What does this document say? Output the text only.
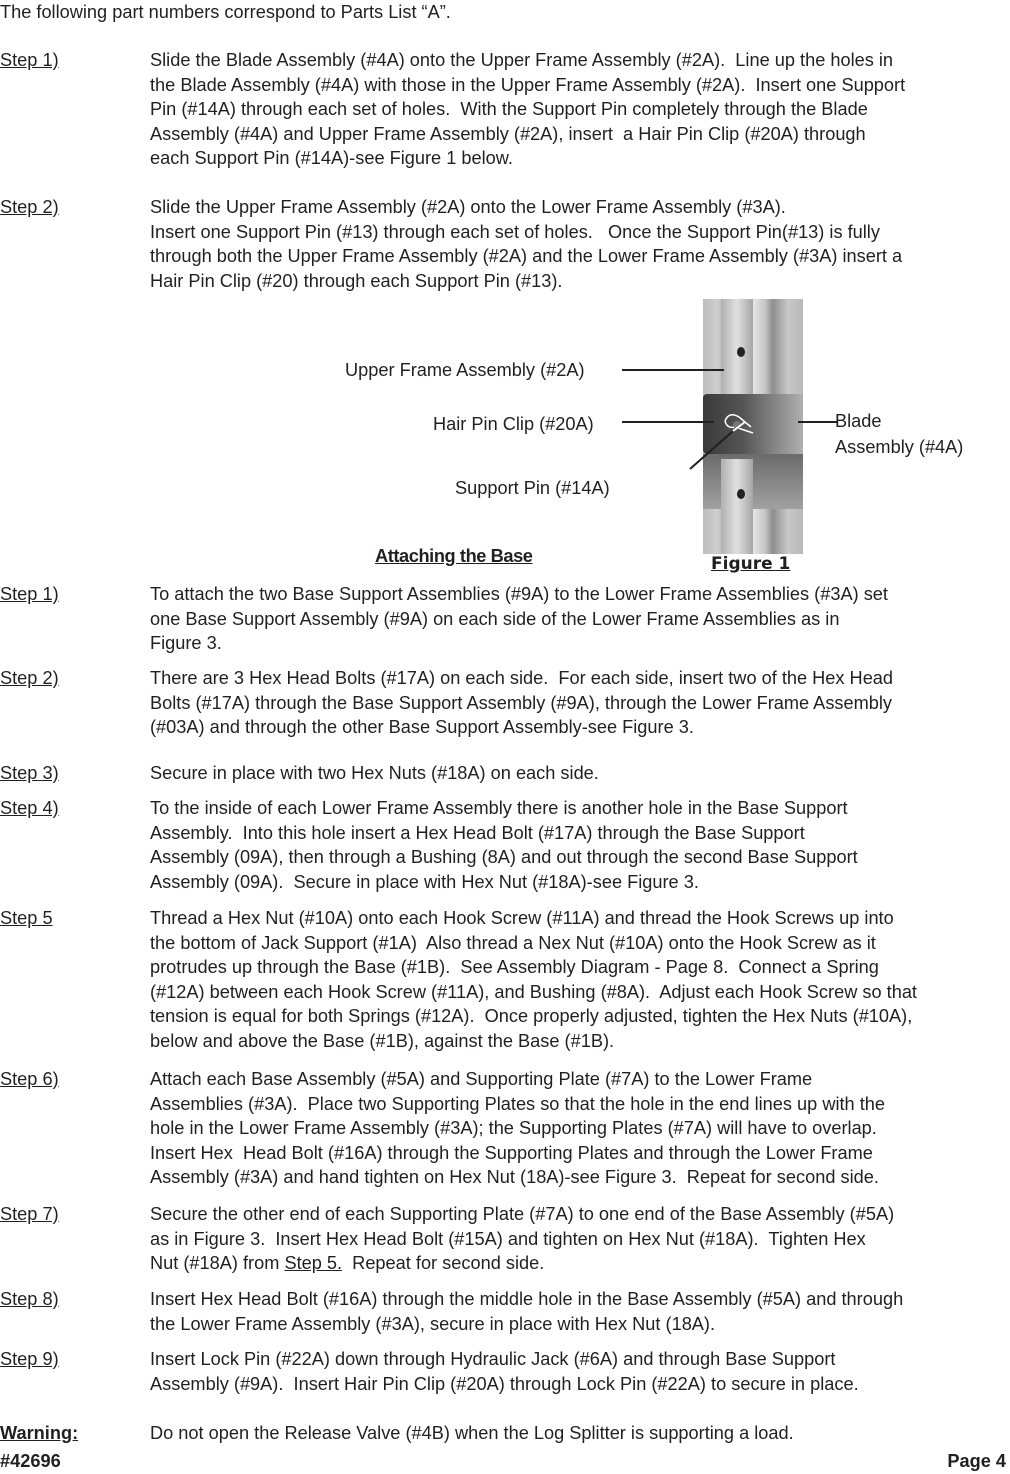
The following part numbers correspond to Parts List “A”.
Step 1)	Slide the Blade Assembly (#4A) onto the Upper Frame Assembly (#2A).  Line up the holes in
the Blade Assembly (#4A) with those in the Upper Frame Assembly (#2A).  Insert one Support
Pin (#14A) through each set of holes.  With the Support Pin completely through the Blade
Assembly (#4A) and Upper Frame Assembly (#2A), insert  a Hair Pin Clip (#20A) through
each Support Pin (#14A)-see Figure 1 below.
Step 2)	Slide the Upper Frame Assembly (#2A) onto the Lower Frame Assembly (#3A).
Insert one Support Pin (#13) through each set of holes.   Once the Support Pin(#13) is fully
through both the Upper Frame Assembly (#2A) and the Lower Frame Assembly (#3A) insert a
Hair Pin Clip (#20) through each Support Pin (#13).
Upper Frame Assembly (#2A)
Hair Pin Clip (#20A)
Support Pin (#14A)
Blade
Assembly (#4A)
Figure 1
Attaching the Base
Step 1)	To attach the two Base Support Assemblies (#9A) to the Lower Frame Assemblies (#3A) set
one Base Support Assembly (#9A) on each side of the Lower Frame Assemblies as in
Figure 3.
Step 2)	There are 3 Hex Head Bolts (#17A) on each side.  For each side, insert two of the Hex Head
Bolts (#17A) through the Base Support Assembly (#9A), through the Lower Frame Assembly
(#03A) and through the other Base Support Assembly-see Figure 3.
Step 3)	Secure in place with two Hex Nuts (#18A) on each side.
Step 4)	To the inside of each Lower Frame Assembly there is another hole in the Base Support
Assembly.  Into this hole insert a Hex Head Bolt (#17A) through the Base Support
Assembly (09A), then through a Bushing (8A) and out through the second Base Support
Assembly (09A).  Secure in place with Hex Nut (#18A)-see Figure 3.
Step 5	Thread a Hex Nut (#10A) onto each Hook Screw (#11A) and thread the Hook Screws up into
the bottom of Jack Support (#1A)  Also thread a Nex Nut (#10A) onto the Hook Screw as it
protrudes up through the Base (#1B).  See Assembly Diagram - Page 8.  Connect a Spring
(#12A) between each Hook Screw (#11A), and Bushing (#8A).  Adjust each Hook Screw so that
tension is equal for both Springs (#12A).  Once properly adjusted, tighten the Hex Nuts (#10A),
below and above the Base (#1B), against the Base (#1B).
Step 6)	Attach each Base Assembly (#5A) and Supporting Plate (#7A) to the Lower Frame
Assemblies (#3A).  Place two Supporting Plates so that the hole in the end lines up with the
hole in the Lower Frame Assembly (#3A); the Supporting Plates (#7A) will have to overlap.
Insert Hex  Head Bolt (#16A) through the Supporting Plates and through the Lower Frame
Assembly (#3A) and hand tighten on Hex Nut (18A)-see Figure 3.  Repeat for second side.
Step 7)	Secure the other end of each Supporting Plate (#7A) to one end of the Base Assembly (#5A)
as in Figure 3.  Insert Hex Head Bolt (#15A) and tighten on Hex Nut (#18A).  Tighten Hex
Nut (#18A) from Step 5.  Repeat for second side.
Step 8)	Insert Hex Head Bolt (#16A) through the middle hole in the Base Assembly (#5A) and through
the Lower Frame Assembly (#3A), secure in place with Hex Nut (18A).
Step 9)	Insert Lock Pin (#22A) down through Hydraulic Jack (#6A) and through Base Support
Assembly (#9A).  Insert Hair Pin Clip (#20A) through Lock Pin (#22A) to secure in place.
Warning:	Do not open the Release Valve (#4B) when the Log Splitter is supporting a load.
#42696	Page 4
